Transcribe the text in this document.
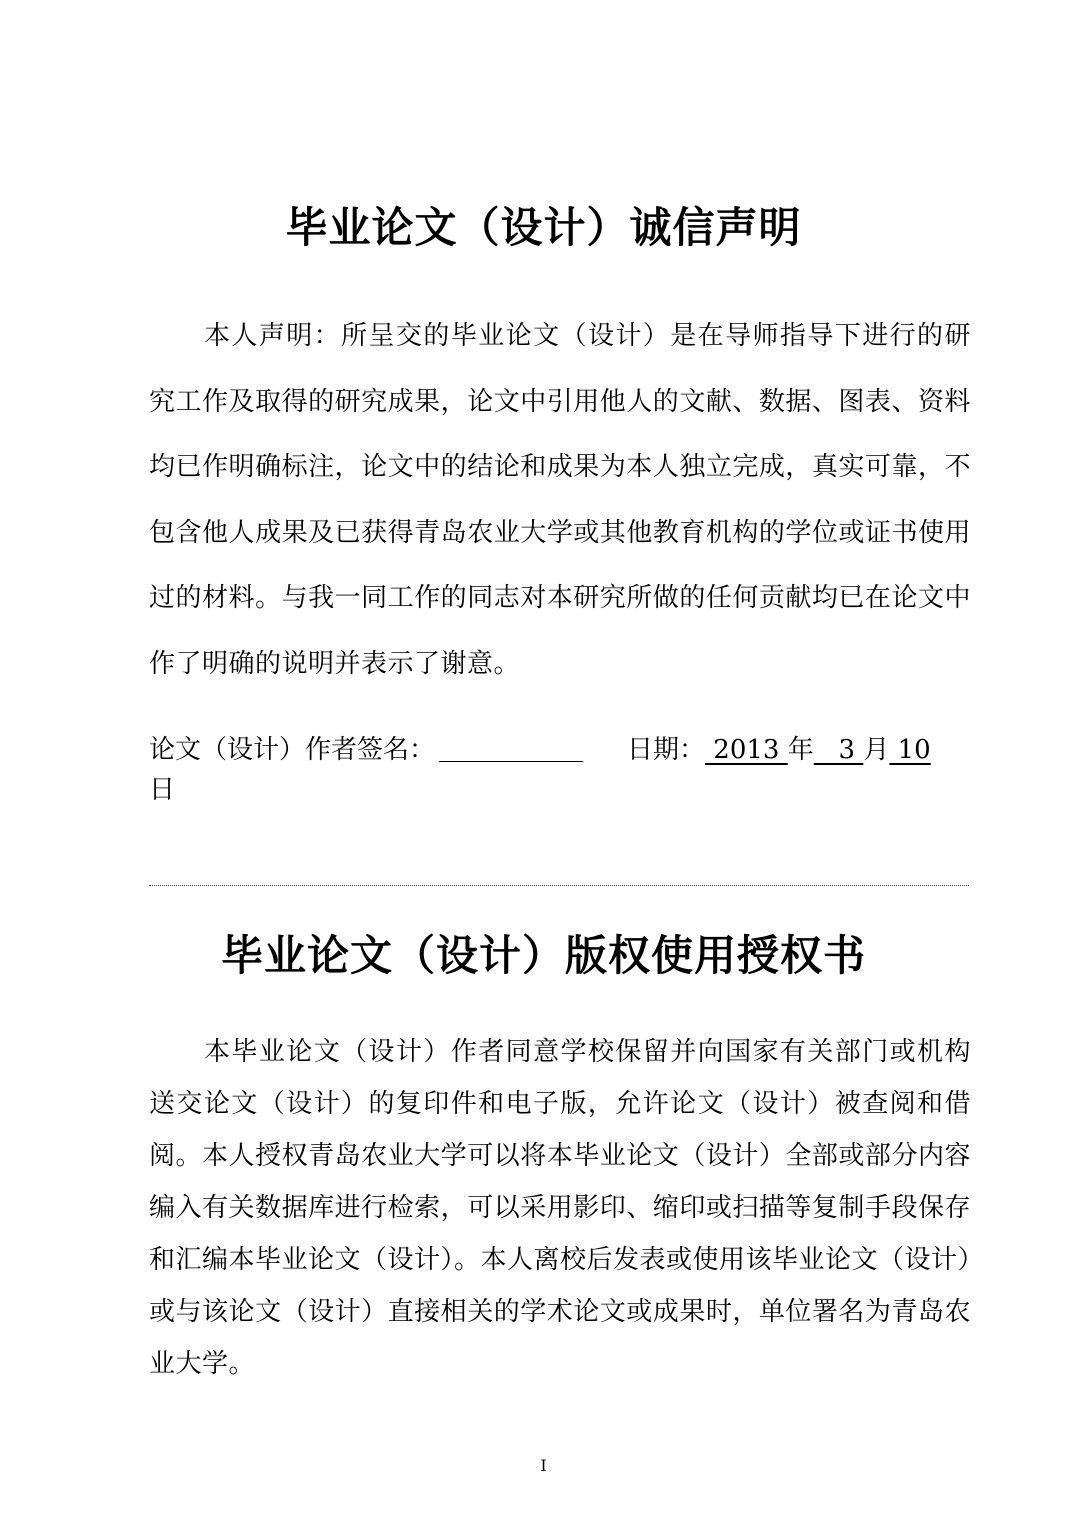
毕业论文（设计）诚信声明
本人声明：所呈交的毕业论文（设计）是在导师指导下进行的研究工作及取得的研究成果，论文中引用他人的文献、数据、图表、资料均已作明确标注，论文中的结论和成果为本人独立完成，真实可靠，不包含他人成果及已获得青岛农业大学或其他教育机构的学位或证书使用过的材料。与我一同工作的同志对本研究所做的任何贡献均已在论文中作了明确的说明并表示了谢意。
论文（设计）作者签名：	日期： 2013 年   3 月 10
日
毕业论文（设计）版权使用授权书
本毕业论文（设计）作者同意学校保留并向国家有关部门或机构送交论文（设计）的复印件和电子版，允许论文（设计）被查阅和借阅。本人授权青岛农业大学可以将本毕业论文（设计）全部或部分内容编入有关数据库进行检索，可以采用影印、缩印或扫描等复制手段保存和汇编本毕业论文（设计）。本人离校后发表或使用该毕业论文（设计）或与该论文（设计）直接相关的学术论文或成果时，单位署名为青岛农业大学。
I
